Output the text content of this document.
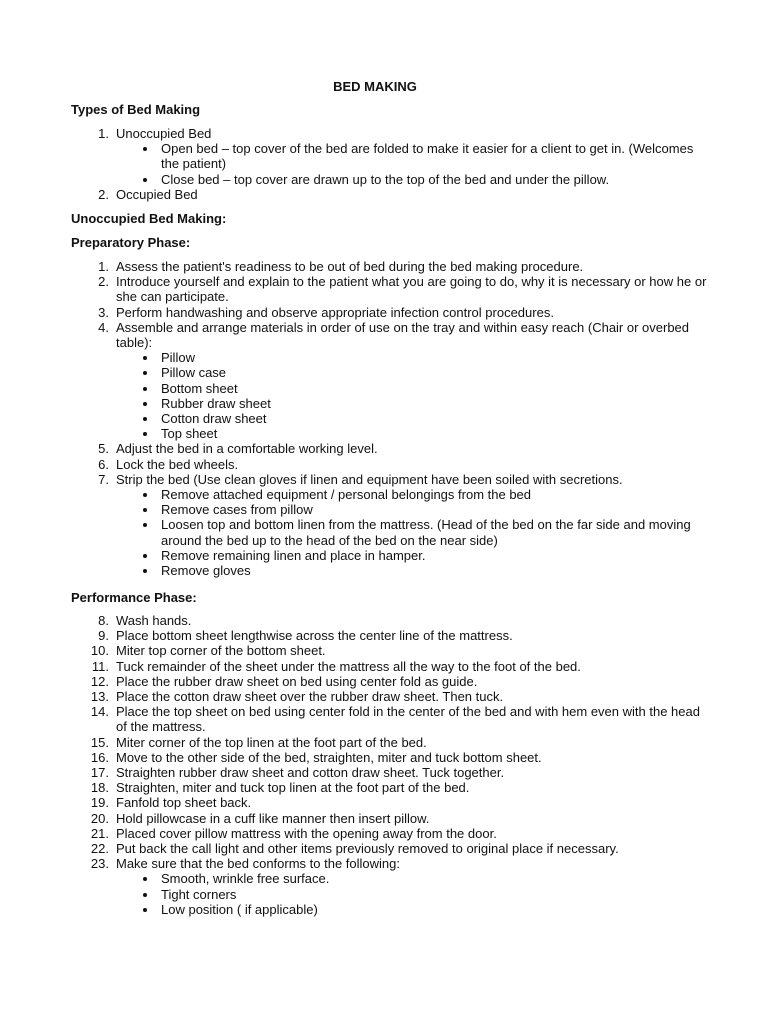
BED MAKING
Types of Bed Making
1. Unoccupied Bed
Open bed – top cover of the bed are folded to make it easier for a client to get in. (Welcomes the patient)
Close bed – top cover are drawn up to the top of the bed and under the pillow.
2. Occupied Bed
Unoccupied Bed Making:
Preparatory Phase:
1. Assess the patient's readiness to be out of bed during the bed making procedure.
2. Introduce yourself and explain to the patient what you are going to do, why it is necessary or how he or she can participate.
3. Perform handwashing and observe appropriate infection control procedures.
4. Assemble and arrange materials in order of use on the tray and within easy reach (Chair or overbed table):
Pillow
Pillow case
Bottom sheet
Rubber draw sheet
Cotton draw sheet
Top sheet
5. Adjust the bed in a comfortable working level.
6. Lock the bed wheels.
7. Strip the bed (Use clean gloves if linen and equipment have been soiled with secretions.
Remove attached equipment / personal belongings from the bed
Remove cases from pillow
Loosen top and bottom linen from the mattress. (Head of the bed on the far side and moving around the bed up to the head of the bed on the near side)
Remove remaining linen and place in hamper.
Remove gloves
Performance Phase:
8. Wash hands.
9. Place bottom sheet lengthwise across the center line of the mattress.
10. Miter top corner of the bottom sheet.
11. Tuck remainder of the sheet under the mattress all the way to the foot of the bed.
12. Place the rubber draw sheet on bed using center fold as guide.
13. Place the cotton draw sheet over the rubber draw sheet. Then tuck.
14. Place the top sheet on bed using center fold in the center of the bed and with hem even with the head of the mattress.
15. Miter corner of the top linen at the foot part of the bed.
16. Move to the other side of the bed, straighten, miter and tuck bottom sheet.
17. Straighten rubber draw sheet and cotton draw sheet. Tuck together.
18. Straighten, miter and tuck top linen at the foot part of the bed.
19. Fanfold top sheet back.
20. Hold pillowcase in a cuff like manner then insert pillow.
21. Placed cover pillow mattress with the opening away from the door.
22. Put back the call light and other items previously removed to original place if necessary.
23. Make sure that the bed conforms to the following:
Smooth, wrinkle free surface.
Tight corners
Low position ( if applicable)
